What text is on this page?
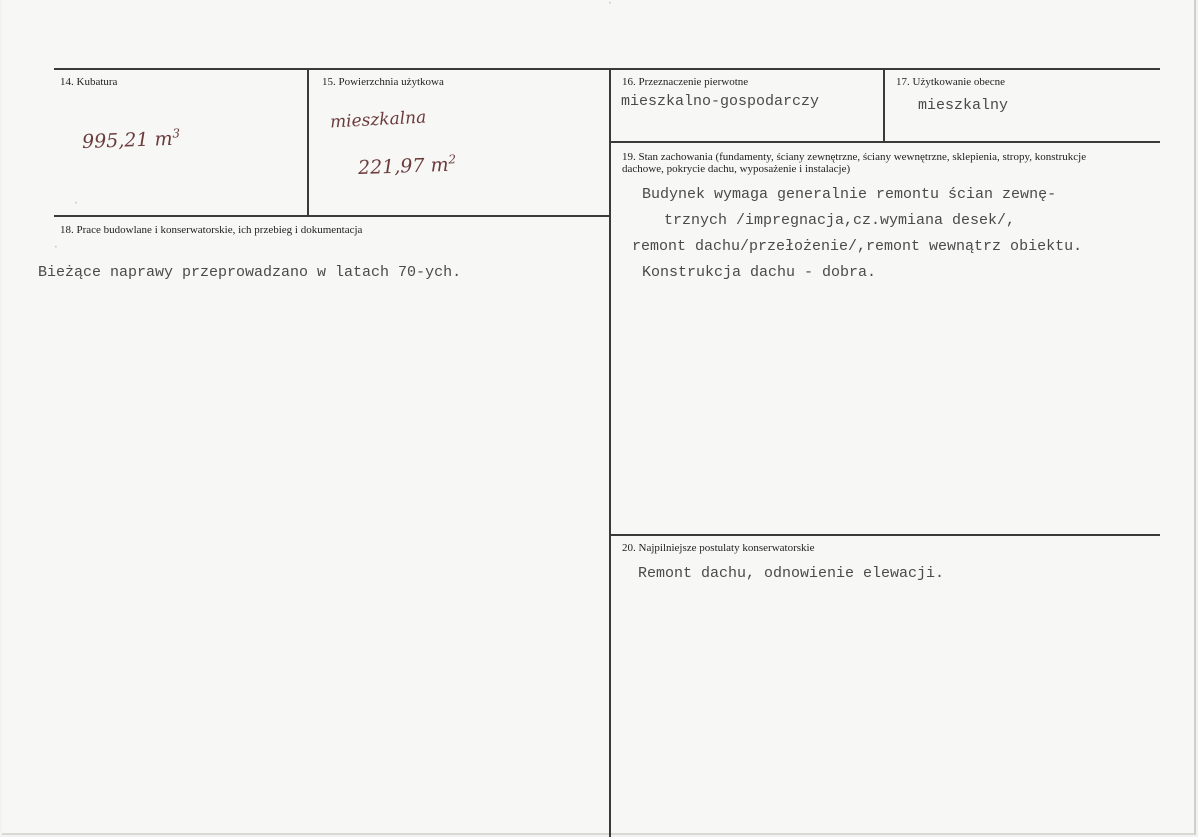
14. Kubatura
995,21 $m^3$
15. Powierzchnia użytkowa
mieszkalna
221,97 $m^2$
16. Przeznaczenie pierwotne
mieszkalno-gospodarczy
17. Użytkowanie obecne
mieszkalny
18. Prace budowlane i konserwatorskie, ich przebieg i dokumentacja
Bieżące naprawy przeprowadzano w latach 70-ych.
19. Stan zachowania (fundamenty, ściany zewnętrzne, ściany wewnętrzne, sklepienia, stropy, konstrukcje dachowe, pokrycie dachu, wyposażenie i instalacje)
Budynek wymaga generalnie remontu ścian zewnę-
trznych /impregnacja,cz.wymiana desek/,
remont dachu/przełożenie/,remont wewnątrz obiektu.
Konstrukcja dachu - dobra.
20. Najpilniejsze postulaty konserwatorskie
Remont dachu, odnowienie elewacji.
‧
‧
‧
